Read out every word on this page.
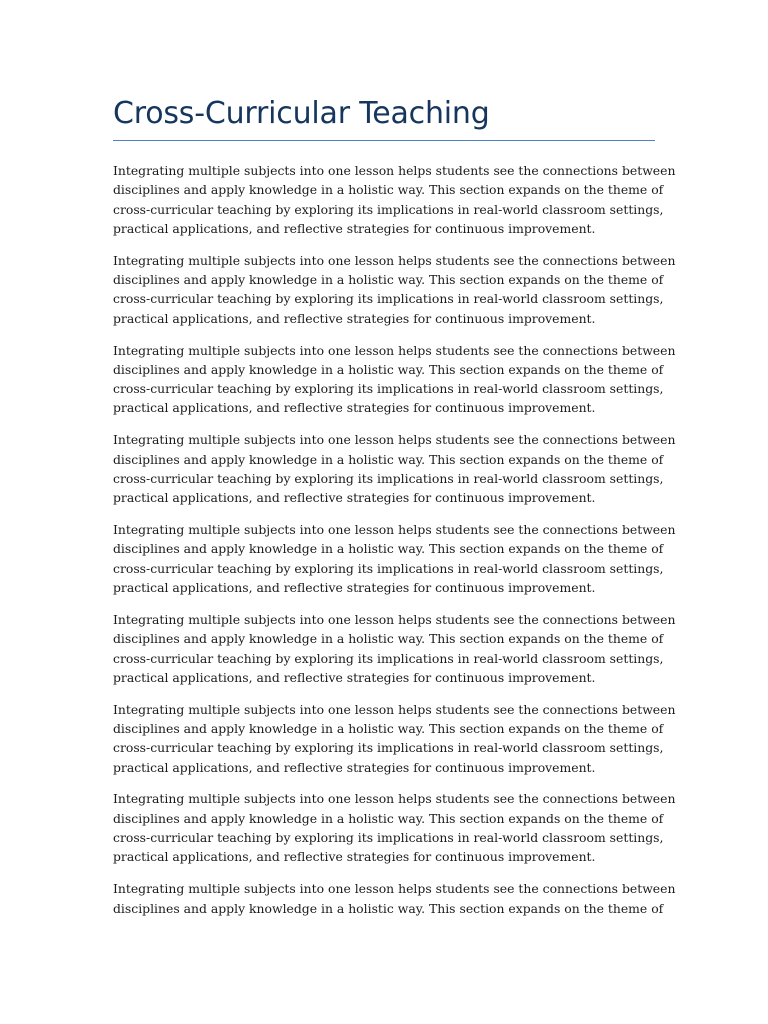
Cross-Curricular Teaching

Integrating multiple subjects into one lesson helps students see the connections between
disciplines and apply knowledge in a holistic way. This section expands on the theme of
cross-curricular teaching by exploring its implications in real-world classroom settings,
practical applications, and reflective strategies for continuous improvement.

Integrating multiple subjects into one lesson helps students see the connections between
disciplines and apply knowledge in a holistic way. This section expands on the theme of
cross-curricular teaching by exploring its implications in real-world classroom settings,
practical applications, and reflective strategies for continuous improvement.

Integrating multiple subjects into one lesson helps students see the connections between
disciplines and apply knowledge in a holistic way. This section expands on the theme of
cross-curricular teaching by exploring its implications in real-world classroom settings,
practical applications, and reflective strategies for continuous improvement.

Integrating multiple subjects into one lesson helps students see the connections between
disciplines and apply knowledge in a holistic way. This section expands on the theme of
cross-curricular teaching by exploring its implications in real-world classroom settings,
practical applications, and reflective strategies for continuous improvement.

Integrating multiple subjects into one lesson helps students see the connections between
disciplines and apply knowledge in a holistic way. This section expands on the theme of
cross-curricular teaching by exploring its implications in real-world classroom settings,
practical applications, and reflective strategies for continuous improvement.

Integrating multiple subjects into one lesson helps students see the connections between
disciplines and apply knowledge in a holistic way. This section expands on the theme of
cross-curricular teaching by exploring its implications in real-world classroom settings,
practical applications, and reflective strategies for continuous improvement.

Integrating multiple subjects into one lesson helps students see the connections between
disciplines and apply knowledge in a holistic way. This section expands on the theme of
cross-curricular teaching by exploring its implications in real-world classroom settings,
practical applications, and reflective strategies for continuous improvement.

Integrating multiple subjects into one lesson helps students see the connections between
disciplines and apply knowledge in a holistic way. This section expands on the theme of
cross-curricular teaching by exploring its implications in real-world classroom settings,
practical applications, and reflective strategies for continuous improvement.

Integrating multiple subjects into one lesson helps students see the connections between
disciplines and apply knowledge in a holistic way. This section expands on the theme of
